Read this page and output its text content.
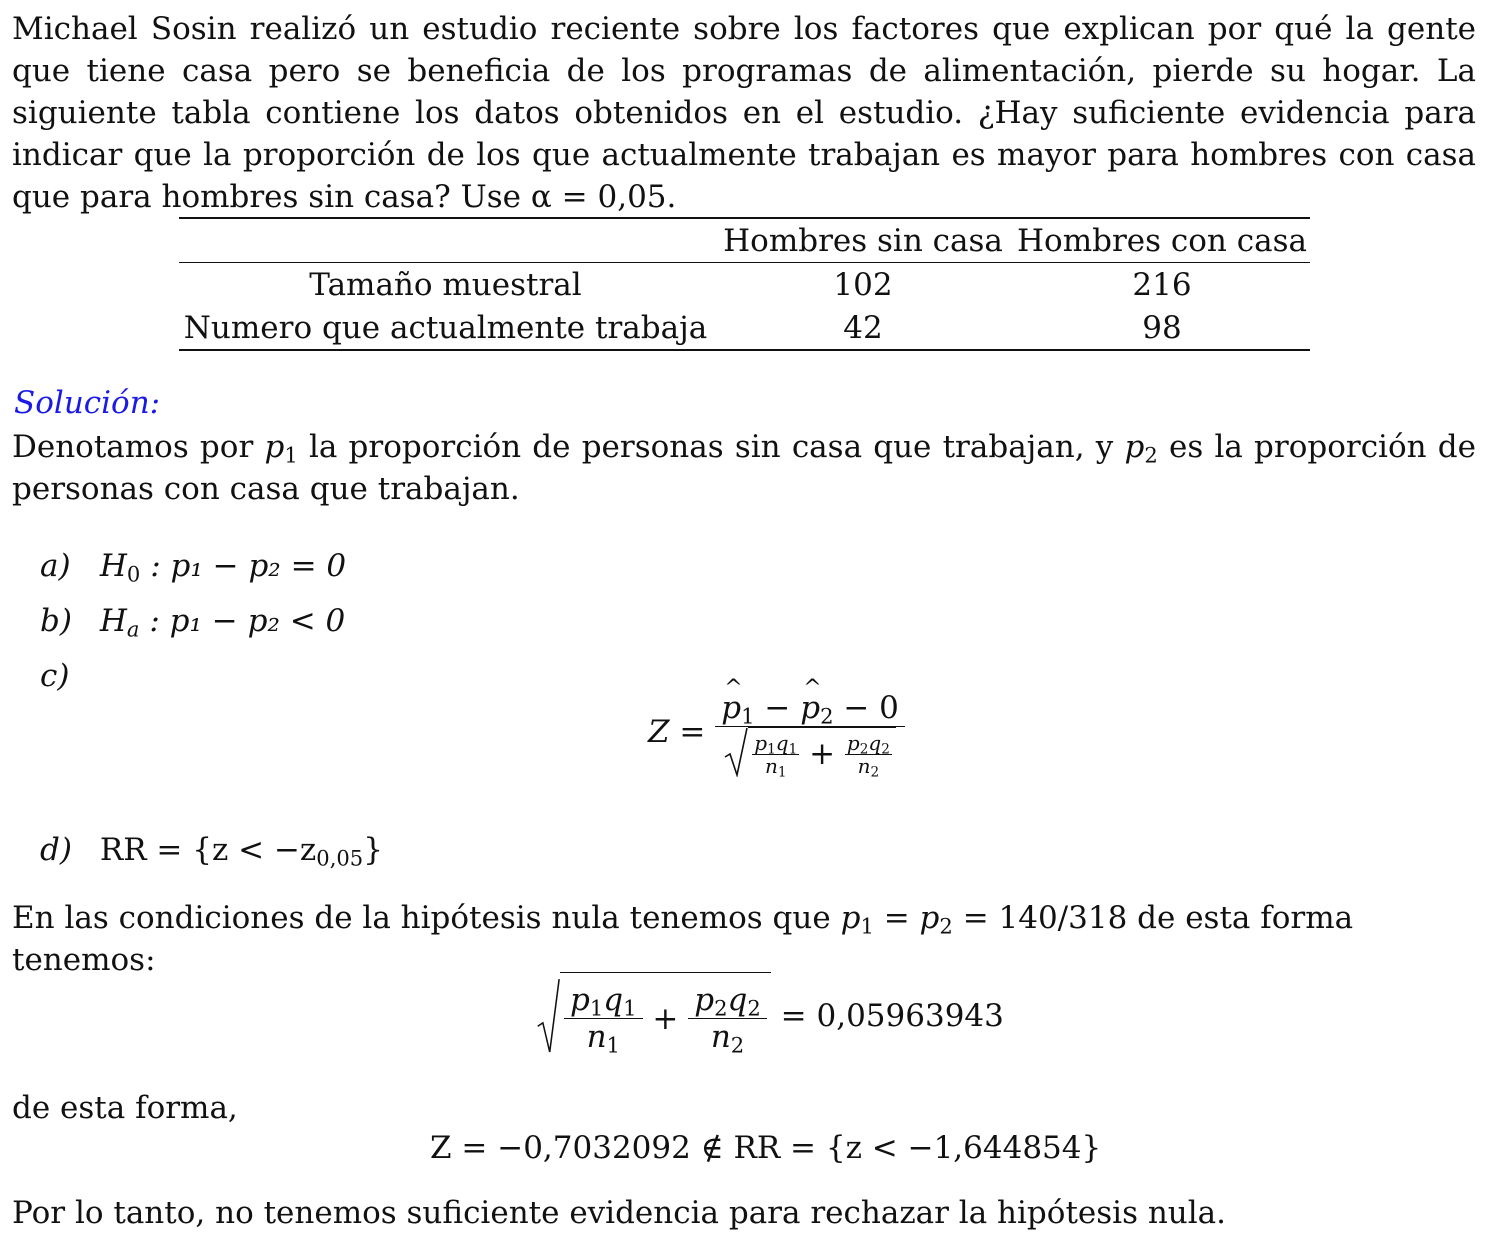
Michael Sosin realizó un estudio reciente sobre los factores que explican por qué la gente que tiene casa pero se beneficia de los programas de alimentación, pierde su hogar. La siguiente tabla contiene los datos obtenidos en el estudio. ¿Hay suficiente evidencia para indicar que la proporción de los que actualmente trabajan es mayor para hombres con casa que para hombres sin casa? Use α = 0,05.
	Hombres sin casa	Hombres con casa
Tamaño muestral	102	216
Numero que actualmente trabaja	42	98
Solución:
Denotamos por $p_1$ la proporción de personas sin casa que trabajan, y $p_2$ es la proporción de personas con casa que trabajan.
a) $H_0$ : p₁ − p₂ = 0
b) $H_a$ : p₁ − p₂ < 0
c)
Z = ^ $\frac{p_1 - \^{} p_2 - 0}{\frac{p_1q_1}{n_1} + \frac{p_2q_2}{n_2}}$
d) RR = $\{z < -z_{0,05}\}$
En las condiciones de la hipótesis nula tenemos que $p_1 = p_2 = 140/318$ de esta forma tenemos:
$\frac{p_1q_1}{n_1} + \frac{p_2q_2}{n_2} = 0,05963943$
de esta forma,
Z = −0,7032092 ∉ RR = {z < −1,644854}
Por lo tanto, no tenemos suficiente evidencia para rechazar la hipótesis nula.
